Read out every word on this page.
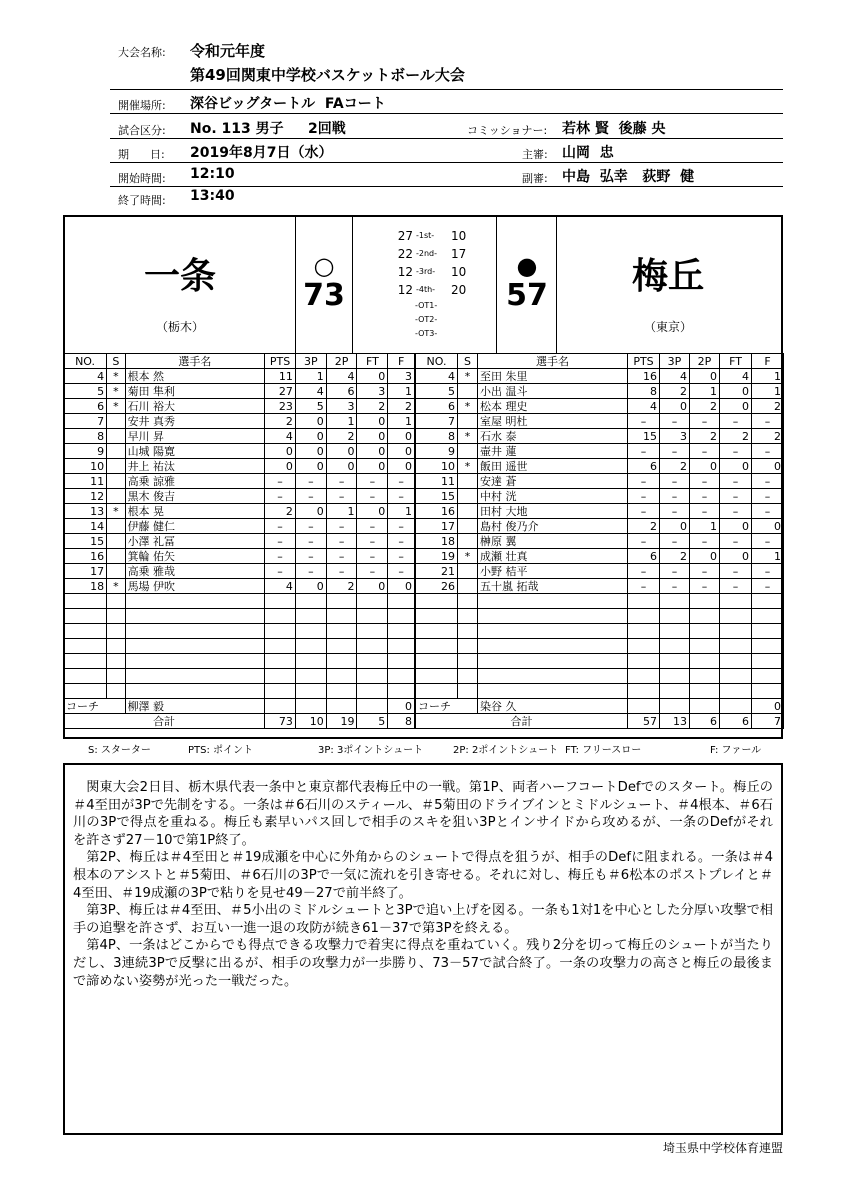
大会名称: 令和元年度
第49回関東中学校バスケットボール大会
開催場所: 深谷ビッグタートル  FAコート
試合区分: No. 113 男子     2回戦	コミッショナー: 若林 賢  後藤 央
期      日: 2019年8月7日（水）	主審: 山岡  忠
開始時間: 12:10	副審: 中島  弘幸   荻野  健
終了時間: 13:40
一条
（栃木）
○
73
27 -1st-	10
22 -2nd-	17
12 -3rd-	10
12 -4th-	20
-OT1-
-OT2-
-OT3-
●
57	梅丘
（東京）
NO.	S	選手名	PTS	3P	2P	FT	F
4	*	根本 然	11	1	4	0	3
5	*	菊田 隼利	27	4	6	3	1
6	*	石川 裕大	23	5	3	2	2
7		安井 真秀	2	0	1	0	1
8		早川 昇	4	0	2	0	0
9		山城 陽寛	0	0	0	0	0
10		井上 祐汰	0	0	0	0	0
11		高乗 諒雅	–	–	–	–	–
12		黒木 俊吉	–	–	–	–	–
13	*	根本 晃	2	0	1	0	1
14		伊藤 健仁	–	–	–	–	–
15		小澤 礼冨	–	–	–	–	–
16		箕輪 佑矢	–	–	–	–	–
17		高乗 雅哉	–	–	–	–	–
18	*	馬場 伊吹	4	0	2	0	0

コーチ		柳澤 毅					0
合計			73	10	19	5	8
NO.	S	選手名	PTS	3P	2P	FT	F
4	*	至田 朱里	16	4	0	4	1
5		小出 温斗	8	2	1	0	1
6	*	松本 理史	4	0	2	0	2
7		室屋 明杜	–	–	–	–	–
8	*	石水 泰	15	3	2	2	2
9		壷井 蓮	–	–	–	–	–
10	*	飯田 遥世	6	2	0	0	0
11		安達 蒼	–	–	–	–	–
15		中村 洸	–	–	–	–	–
16		田村 大地	–	–	–	–	–
17		島村 俊乃介	2	0	1	0	0
18		榊原 翼	–	–	–	–	–
19	*	成瀬 壮真	6	2	0	0	1
21		小野 桔平	–	–	–	–	–
26		五十嵐 拓哉	–	–	–	–	–

コーチ		染谷 久					0
合計			57	13	6	6	7
S: スターター	PTS: ポイント	3P: 3ポイントシュート	2P: 2ポイントシュート FT: フリースロー	F: ファール

関東大会2日目、栃木県代表一条中と東京都代表梅丘中の一戦。第1P、両者ハーフコートDefでのスタート。梅丘の＃4至田が3Pで先制をする。一条は＃6石川のスティール、＃5菊田のドライブインとミドルシュート、＃4根本、＃6石川の3Pで得点を重ねる。梅丘も素早いパス回しで相手のスキを狙い3Pとインサイドから攻めるが、一条のDefがそれを許さず27－10で第1P終了。

第2P、梅丘は＃4至田と＃19成瀬を中心に外角からのシュートで得点を狙うが、相手のDefに阻まれる。一条は＃4根本のアシストと＃5菊田、＃6石川の3Pで一気に流れを引き寄せる。それに対し、梅丘も＃6松本のポストプレイと＃4至田、＃19成瀬の3Pで粘りを見せ49－27で前半終了。

第3P、梅丘は＃4至田、＃5小出のミドルシュートと3Pで追い上げを図る。一条も1対1を中心とした分厚い攻撃で相手の追撃を許さず、お互い一進一退の攻防が続き61－37で第3Pを終える。

第4P、一条はどこからでも得点できる攻撃力で着実に得点を重ねていく。残り2分を切って梅丘のシュートが当たりだし、3連続3Pで反撃に出るが、相手の攻撃力が一歩勝り、73－57で試合終了。一条の攻撃力の高さと梅丘の最後まで諦めない姿勢が光った一戦だった。

埼玉県中学校体育連盟
